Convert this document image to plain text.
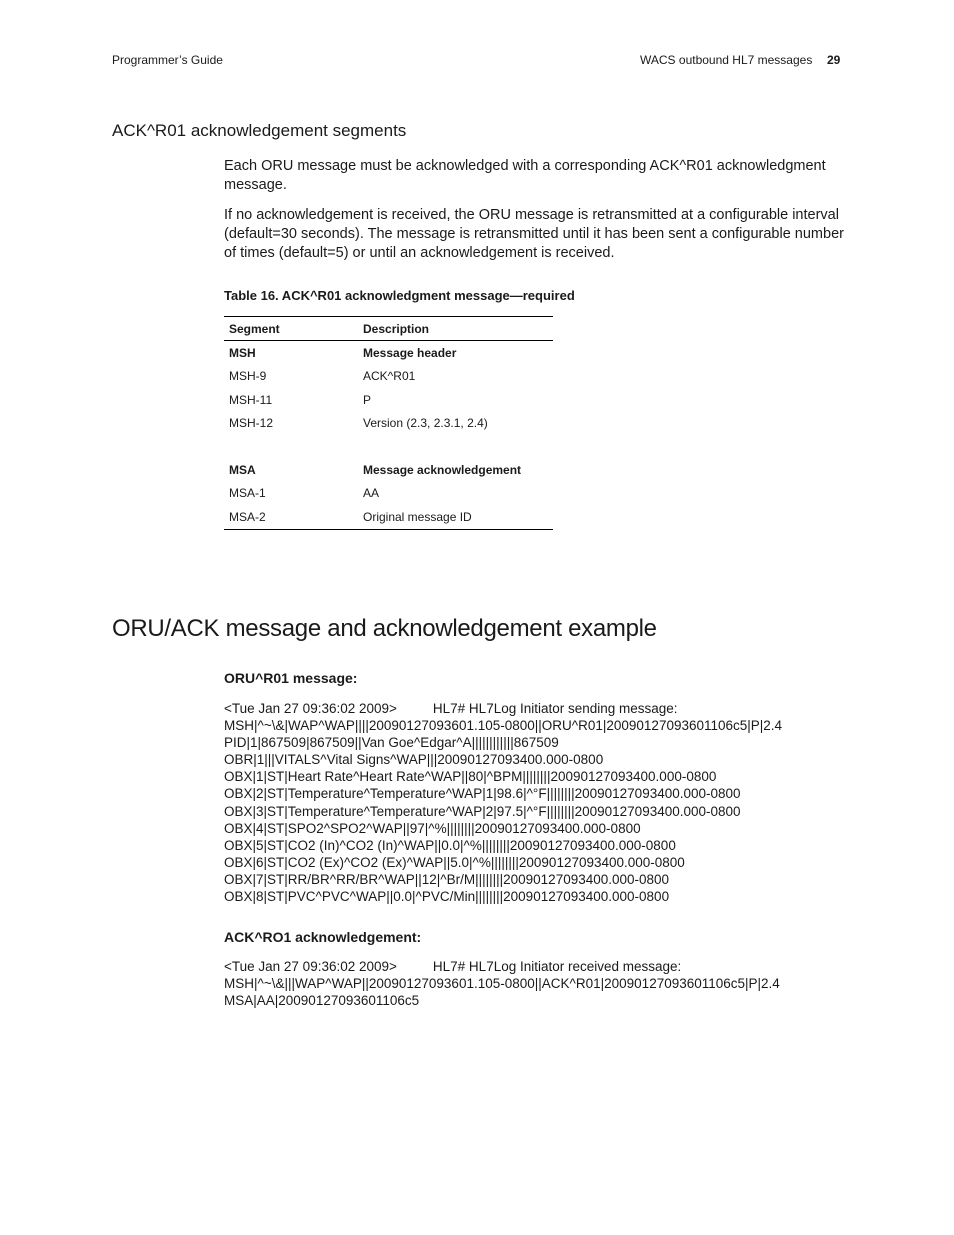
Programmer’s Guide	WACS outbound HL7 messages 29
ACK^R01 acknowledgement segments

Each ORU message must be acknowledged with a corresponding ACK^R01 acknowledgment message.

If no acknowledgement is received, the ORU message is retransmitted at a configurable interval (default=30 seconds). The message is retransmitted until it has been sent a configurable number of times (default=5) or until an acknowledgement is received.

Table 16. ACK^R01 acknowledgment message—required

Segment	Description
MSH	Message header
MSH-9	ACK^R01
MSH-11	P
MSH-12	Version (2.3, 2.3.1, 2.4)

MSA	Message acknowledgement
MSA-1	AA
MSA-2	Original message ID
ORU/ACK message and acknowledgement example

ORU^R01 message:

<Tue Jan 27 09:36:02 2009>	HL7# HL7Log Initiator sending message:
MSH|^~\&|WAP^WAP||||20090127093601.105-0800||ORU^R01|20090127093601106c5|P|2.4
PID|1|867509|867509||Van Goe^Edgar^A||||||||||||867509
OBR|1|||VITALS^Vital Signs^WAP|||20090127093400.000-0800
OBX|1|ST|Heart Rate^Heart Rate^WAP||80|^BPM||||||||20090127093400.000-0800
OBX|2|ST|Temperature^Temperature^WAP|1|98.6|^°F||||||||20090127093400.000-0800
OBX|3|ST|Temperature^Temperature^WAP|2|97.5|^°F||||||||20090127093400.000-0800
OBX|4|ST|SPO2^SPO2^WAP||97|^%||||||||20090127093400.000-0800
OBX|5|ST|CO2 (In)^CO2 (In)^WAP||0.0|^%||||||||20090127093400.000-0800
OBX|6|ST|CO2 (Ex)^CO2 (Ex)^WAP||5.0|^%||||||||20090127093400.000-0800
OBX|7|ST|RR/BR^RR/BR^WAP||12|^Br/M||||||||20090127093400.000-0800
OBX|8|ST|PVC^PVC^WAP||0.0|^PVC/Min||||||||20090127093400.000-0800

ACK^RO1 acknowledgement:

<Tue Jan 27 09:36:02 2009>	HL7# HL7Log Initiator received message:
MSH|^~\&|||WAP^WAP||20090127093601.105-0800||ACK^R01|20090127093601106c5|P|2.4
MSA|AA|20090127093601106c5
